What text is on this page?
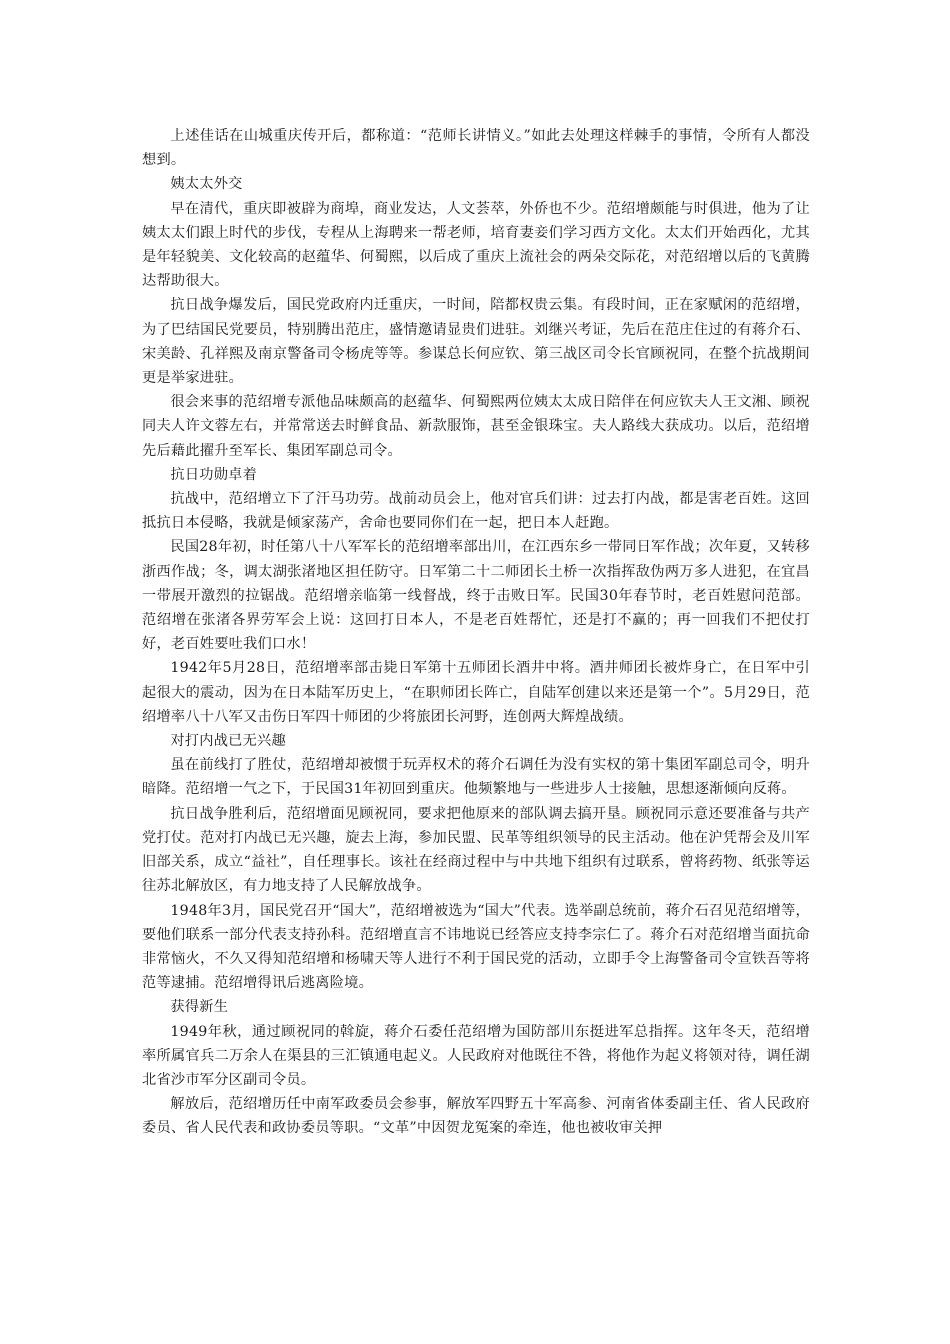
上述佳话在山城重庆传开后，都称道：“范师长讲情义。”如此去处理这样棘手的事情，令所有人都没想到。

姨太太外交

早在清代，重庆即被辟为商埠，商业发达，人文荟萃，外侨也不少。范绍增颇能与时俱进，他为了让姨太太们跟上时代的步伐，专程从上海聘来一帮老师，培育妻妾们学习西方文化。太太们开始西化，尤其是年轻貌美、文化较高的赵蕴华、何蜀熙，以后成了重庆上流社会的两朵交际花，对范绍增以后的飞黄腾达帮助很大。

抗日战争爆发后，国民党政府内迁重庆，一时间，陪都权贵云集。有段时间，正在家赋闲的范绍增，为了巴结国民党要员，特别腾出范庄，盛情邀请显贵们进驻。刘继兴考证，先后在范庄住过的有蒋介石、宋美龄、孔祥熙及南京警备司令杨虎等等。参谋总长何应钦、第三战区司令长官顾祝同，在整个抗战期间更是举家进驻。

很会来事的范绍增专派他品味颇高的赵蕴华、何蜀熙两位姨太太成日陪伴在何应钦夫人王文湘、顾祝同夫人许文蓉左右，并常常送去时鲜食品、新款服饰，甚至金银珠宝。夫人路线大获成功。以后，范绍增先后藉此擢升至军长、集团军副总司令。

抗日功勋卓着

抗战中，范绍增立下了汗马功劳。战前动员会上，他对官兵们讲：过去打内战，都是害老百姓。这回抵抗日本侵略，我就是倾家荡产，舍命也要同你们在一起，把日本人赶跑。

民国28年初，时任第八十八军军长的范绍增率部出川，在江西东乡一带同日军作战；次年夏，又转移浙西作战；冬，调太湖张渚地区担任防守。日军第二十二师团长土桥一次指挥敌伪两万多人进犯，在宜昌一带展开激烈的拉锯战。范绍增亲临第一线督战，终于击败日军。民国30年春节时，老百姓慰问范部。范绍增在张渚各界劳军会上说：这回打日本人，不是老百姓帮忙，还是打不赢的；再一回我们不把仗打好，老百姓要吐我们口水！

1942年5月28日，范绍增率部击毙日军第十五师团长酒井中将。酒井师团长被炸身亡，在日军中引起很大的震动，因为在日本陆军历史上，“在职师团长阵亡，自陆军创建以来还是第一个”。5月29日，范绍增率八十八军又击伤日军四十师团的少将旅团长河野，连创两大辉煌战绩。

对打内战已无兴趣

虽在前线打了胜仗，范绍增却被惯于玩弄权术的蒋介石调任为没有实权的第十集团军副总司令，明升暗降。范绍增一气之下，于民国31年初回到重庆。他频繁地与一些进步人士接触，思想逐渐倾向反蒋。

抗日战争胜利后，范绍增面见顾祝同，要求把他原来的部队调去搞开垦。顾祝同示意还要准备与共产党打仗。范对打内战已无兴趣，旋去上海，参加民盟、民革等组织领导的民主活动。他在沪凭帮会及川军旧部关系，成立“益社”，自任理事长。该社在经商过程中与中共地下组织有过联系，曾将药物、纸张等运往苏北解放区，有力地支持了人民解放战争。

1948年3月，国民党召开“国大”，范绍增被选为“国大”代表。选举副总统前，蒋介石召见范绍增等，要他们联系一部分代表支持孙科。范绍增直言不讳地说已经答应支持李宗仁了。蒋介石对范绍增当面抗命非常恼火，不久又得知范绍增和杨啸天等人进行不利于国民党的活动，立即手令上海警备司令宣铁吾等将范等逮捕。范绍增得讯后逃离险境。

获得新生

1949年秋，通过顾祝同的斡旋，蒋介石委任范绍增为国防部川东挺进军总指挥。这年冬天，范绍增率所属官兵二万余人在渠县的三汇镇通电起义。人民政府对他既往不咎，将他作为起义将领对待，调任湖北省沙市军分区副司令员。

解放后，范绍增历任中南军政委员会参事，解放军四野五十军高参、河南省体委副主任、省人民政府委员、省人民代表和政协委员等职。“文革”中因贺龙冤案的牵连，他也被收审关押
